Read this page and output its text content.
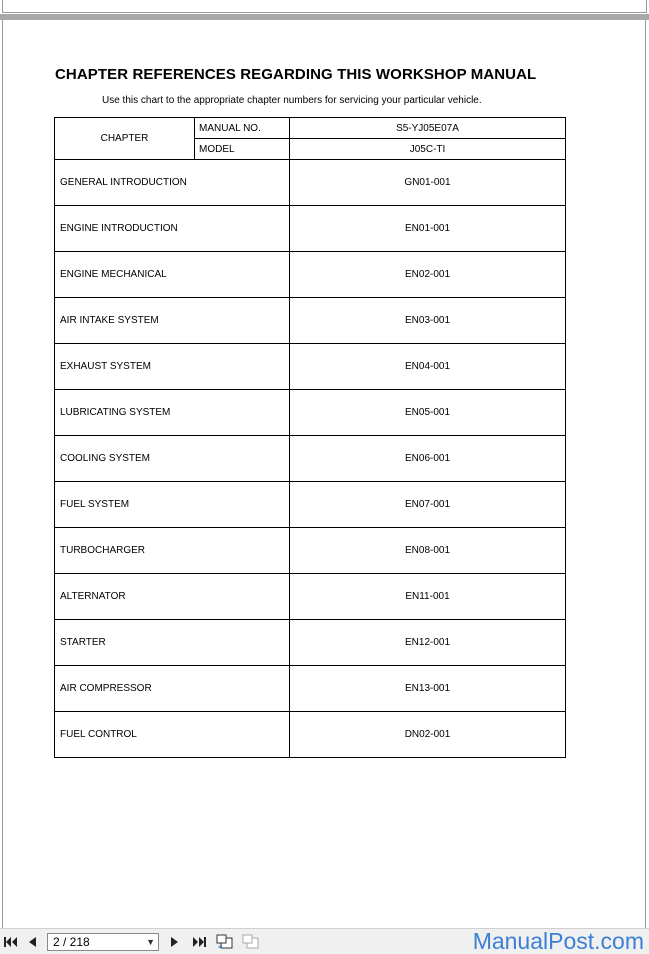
CHAPTER REFERENCES REGARDING THIS WORKSHOP MANUAL
Use this chart to the appropriate chapter numbers for servicing your particular vehicle.
CHAPTER	MANUAL NO.	S5-YJ05E07A
	MODEL	J05C-TI
GENERAL INTRODUCTION		GN01-001
ENGINE INTRODUCTION		EN01-001
ENGINE MECHANICAL		EN02-001
AIR INTAKE SYSTEM		EN03-001
EXHAUST SYSTEM		EN04-001
LUBRICATING SYSTEM		EN05-001
COOLING SYSTEM		EN06-001
FUEL SYSTEM		EN07-001
TURBOCHARGER		EN08-001
ALTERNATOR		EN11-001
STARTER		EN12-001
AIR COMPRESSOR		EN13-001
FUEL CONTROL		DN02-001
2 / 218	▼	ManualPost.com
